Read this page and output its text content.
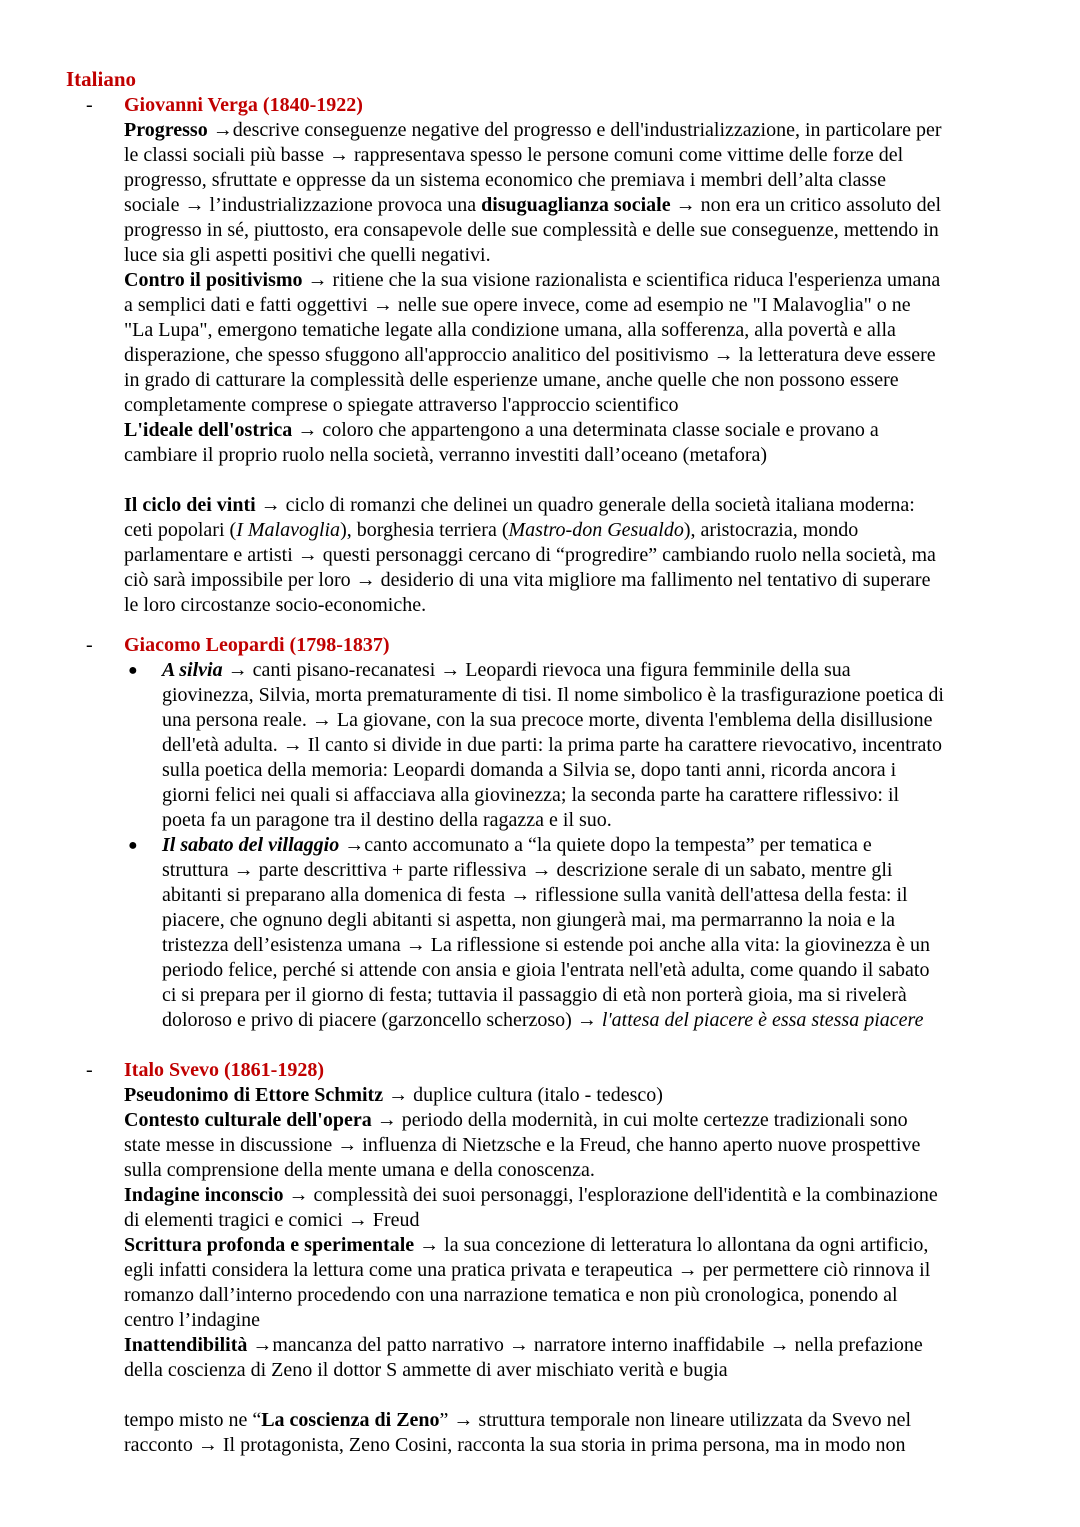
Italiano
- Giovanni Verga (1840-1922)
Progresso →descrive conseguenze negative del progresso e dell'industrializzazione, in particolare per
le classi sociali più basse → rappresentava spesso le persone comuni come vittime delle forze del
progresso, sfruttate e oppresse da un sistema economico che premiava i membri dell’alta classe
sociale → l’industrializzazione provoca una disuguaglianza sociale → non era un critico assoluto del
progresso in sé, piuttosto, era consapevole delle sue complessità e delle sue conseguenze, mettendo in
luce sia gli aspetti positivi che quelli negativi.
Contro il positivismo → ritiene che la sua visione razionalista e scientifica riduca l'esperienza umana
a semplici dati e fatti oggettivi → nelle sue opere invece, come ad esempio ne "I Malavoglia" o ne
"La Lupa", emergono tematiche legate alla condizione umana, alla sofferenza, alla povertà e alla
disperazione, che spesso sfuggono all'approccio analitico del positivismo → la letteratura deve essere
in grado di catturare la complessità delle esperienze umane, anche quelle che non possono essere
completamente comprese o spiegate attraverso l'approccio scientifico
L'ideale dell'ostrica → coloro che appartengono a una determinata classe sociale e provano a
cambiare il proprio ruolo nella società, verranno investiti dall’oceano (metafora)
Il ciclo dei vinti → ciclo di romanzi che delinei un quadro generale della società italiana moderna:
ceti popolari (I Malavoglia), borghesia terriera (Mastro-don Gesualdo), aristocrazia, mondo
parlamentare e artisti → questi personaggi cercano di “progredire” cambiando ruolo nella società, ma
ciò sarà impossibile per loro → desiderio di una vita migliore ma fallimento nel tentativo di superare
le loro circostanze socio-economiche.
- Giacomo Leopardi (1798-1837)
● A silvia → canti pisano-recanatesi → Leopardi rievoca una figura femminile della sua
giovinezza, Silvia, morta prematuramente di tisi. Il nome simbolico è la trasfigurazione poetica di
una persona reale. → La giovane, con la sua precoce morte, diventa l'emblema della disillusione
dell'età adulta. → Il canto si divide in due parti: la prima parte ha carattere rievocativo, incentrato
sulla poetica della memoria: Leopardi domanda a Silvia se, dopo tanti anni, ricorda ancora i
giorni felici nei quali si affacciava alla giovinezza; la seconda parte ha carattere riflessivo: il
poeta fa un paragone tra il destino della ragazza e il suo.
● Il sabato del villaggio →canto accomunato a “la quiete dopo la tempesta” per tematica e
struttura → parte descrittiva + parte riflessiva → descrizione serale di un sabato, mentre gli
abitanti si preparano alla domenica di festa → riflessione sulla vanità dell'attesa della festa: il
piacere, che ognuno degli abitanti si aspetta, non giungerà mai, ma permarranno la noia e la
tristezza dell’esistenza umana → La riflessione si estende poi anche alla vita: la giovinezza è un
periodo felice, perché si attende con ansia e gioia l'entrata nell'età adulta, come quando il sabato
ci si prepara per il giorno di festa; tuttavia il passaggio di età non porterà gioia, ma si rivelerà
doloroso e privo di piacere (garzoncello scherzoso) → l'attesa del piacere è essa stessa piacere
- Italo Svevo (1861-1928)
Pseudonimo di Ettore Schmitz → duplice cultura (italo - tedesco)
Contesto culturale dell'opera → periodo della modernità, in cui molte certezze tradizionali sono
state messe in discussione → influenza di Nietzsche e la Freud, che hanno aperto nuove prospettive
sulla comprensione della mente umana e della conoscenza.
Indagine inconscio → complessità dei suoi personaggi, l'esplorazione dell'identità e la combinazione
di elementi tragici e comici → Freud
Scrittura profonda e sperimentale → la sua concezione di letteratura lo allontana da ogni artificio,
egli infatti considera la lettura come una pratica privata e terapeutica → per permettere ciò rinnova il
romanzo dall’interno procedendo con una narrazione tematica e non più cronologica, ponendo al
centro l’indagine
Inattendibilità →mancanza del patto narrativo → narratore interno inaffidabile → nella prefazione
della coscienza di Zeno il dottor S ammette di aver mischiato verità e bugia
tempo misto ne “La coscienza di Zeno” → struttura temporale non lineare utilizzata da Svevo nel
racconto → Il protagonista, Zeno Cosini, racconta la sua storia in prima persona, ma in modo non
